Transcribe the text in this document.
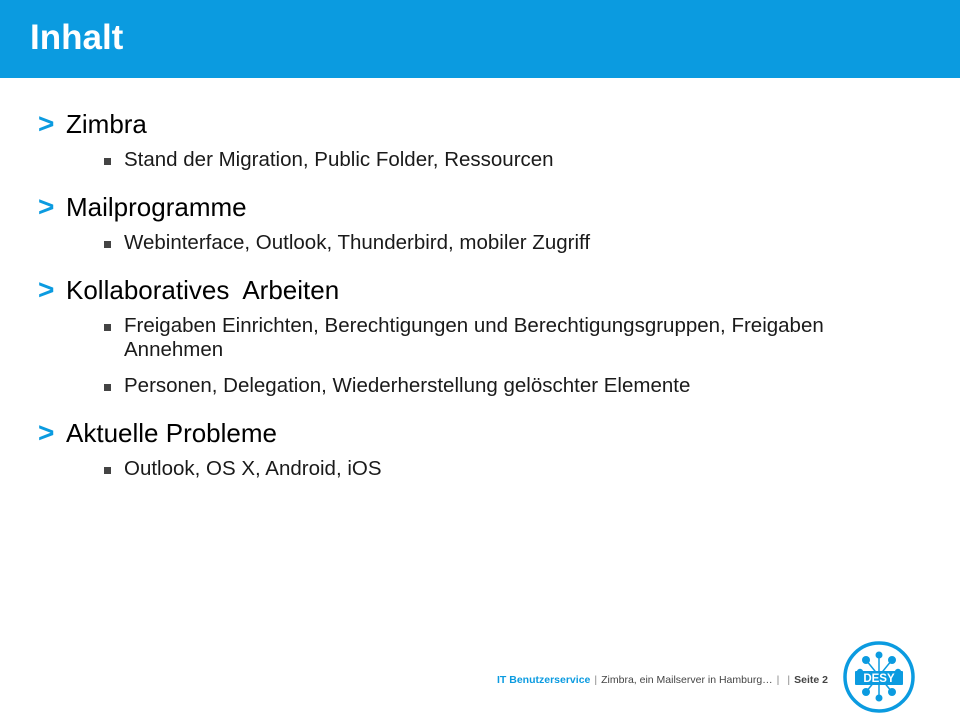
Inhalt
> Zimbra
Stand der Migration, Public Folder, Ressourcen
> Mailprogramme
Webinterface, Outlook, Thunderbird, mobiler Zugriff
> Kollaboratives  Arbeiten
Freigaben Einrichten, Berechtigungen und Berechtigungsgruppen, Freigaben Annehmen
Personen, Delegation, Wiederherstellung gelöschter Elemente
> Aktuelle Probleme
Outlook, OS X, Android, iOS
IT Benutzerservice | Zimbra, ein Mailserver in Hamburg… | | Seite 2	DESY
